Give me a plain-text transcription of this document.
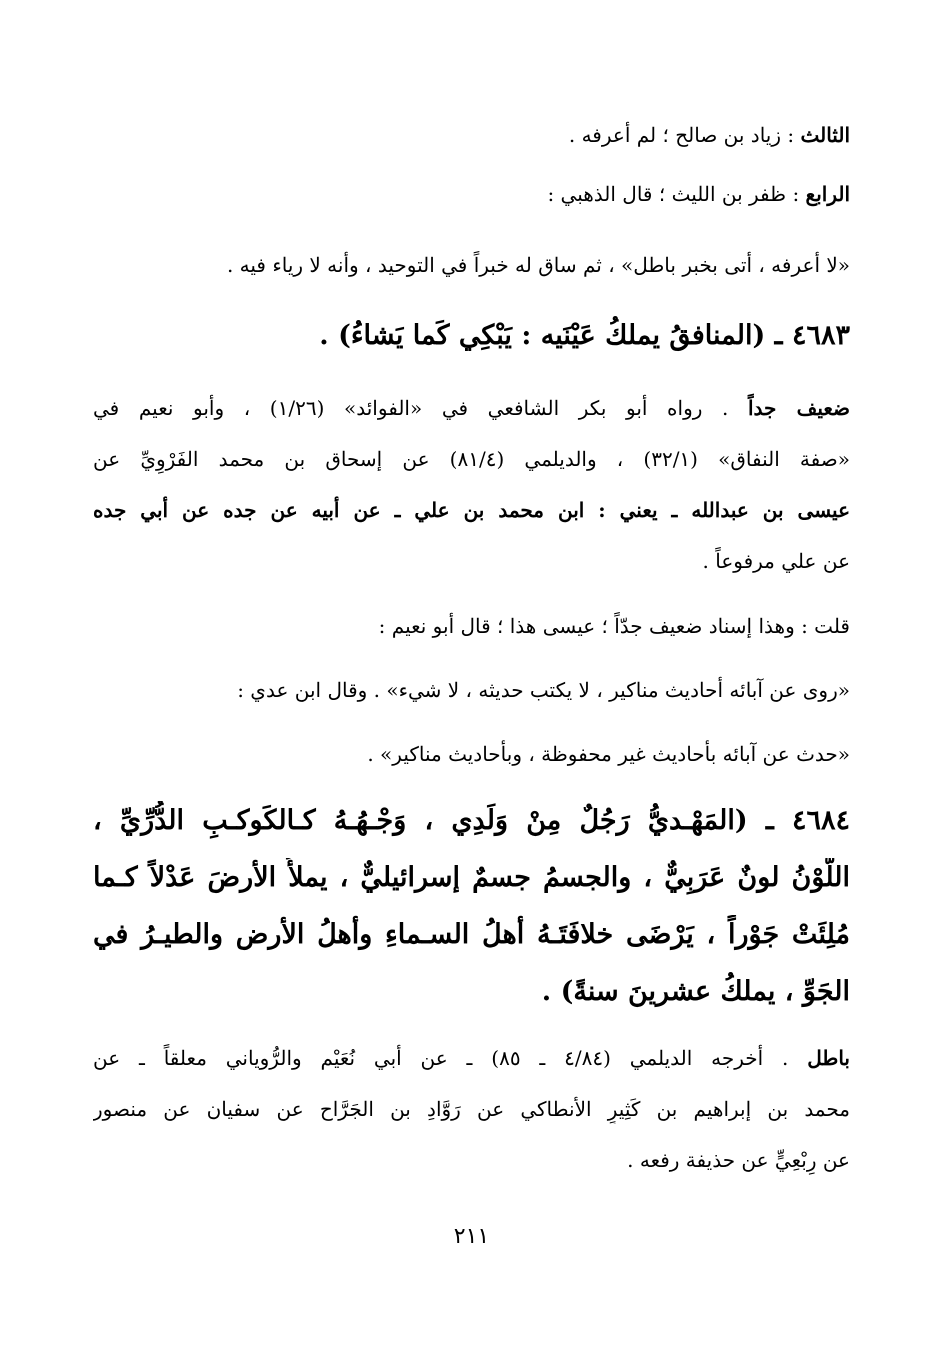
الثالث : زياد بن صالح ؛ لم أعرفه .
الرابع : ظفر بن الليث ؛ قال الذهبي :
«لا أعرفه ، أتى بخبر باطل» ، ثم ساق له خبراً في التوحيد ، وأنه لا رياء فيه .
٤٦٨٣ ـ (المنافقُ يملكُ عَيْنَيه : يَبْكِي كَما يَشاءُ) .
ضعيف جداً . رواه أبو بكر الشافعي في «الفوائد» (١/٢٦) ، وأبو نعيم في
«صفة النفاق» (٣٢/١) ، والديلمي (٨١/٤) عن إسحاق بن محمد الفَرْوِيِّ عن
عيسى بن عبدالله ـ يعني : ابن محمد بن علي ـ عن أبيه عن جده عن أبي جده
عن علي مرفوعاً .
قلت : وهذا إسناد ضعيف جدّاً ؛ عيسى هذا ؛ قال أبو نعيم :
«روى عن آبائه أحاديث مناكير ، لا يكتب حديثه ، لا شيء» . وقال ابن عدي :
«حدث عن آبائه بأحاديث غير محفوظة ، وبأحاديث مناكير» .
٤٦٨٤ ـ (المَهْـديُّ رَجُلٌ مِنْ وَلَدِي ، وَجْـهُـهُ كـالكَوكـبِ الدُّرِّيِّ ،
اللَّوْنُ لونٌ عَرَبِيٌّ ، والجسمُ جسمٌ إسرائيليٌّ ، يملأُ الأرضَ عَدْلاً كـما
مُلِئَتْ جَوْراً ، يَرْضَى خلافَتَـهُ أهلُ السـماءِ وأهلُ الأرض والطيـرُ في
الجَوِّ ، يملكُ عشرينَ سنةً) .
باطل . أخرجه الديلمي (٤/٨٤ ـ ٨٥) ـ عن أبي نُعَيْم والرُّوياني معلقاً ـ عن
محمد بن إبراهيم بن كَثِيرٍ الأنطاكي عن رَوَّادِ بن الجَرَّاح عن سفيان عن منصور
عن رِبْعِيٍّ عن حذيفة رفعه .
٢١١
